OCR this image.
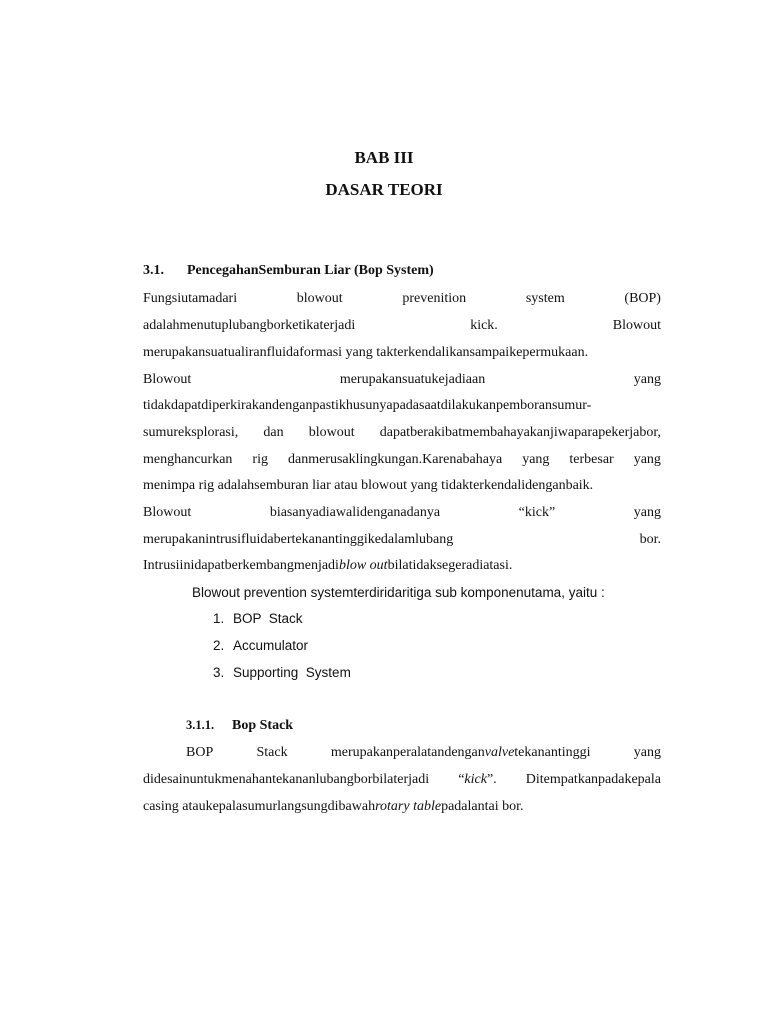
BAB III
DASAR TEORI
3.1. PencegahanSemburan Liar (Bop System)
Fungsiutamadari	blowout	prevenition	system	(BOP)
adalahmenutuplubangborketikaterjadi	kick.	Blowout
merupakansuatualiranfluidaformasi yang takterkendalikansampaikepermukaan.
Blowout	merupakansuatukejadiaan	yang
tidakdapatdiperkirakandenganpastikhusunyapadasaatdilakukanpemboransumur-
sumureksplorasi, dan blowout dapatberakibatmembahayakanjiwaparapekerjabor,
menghancurkan rig danmerusaklingkungan.Karenabahaya yang terbesar yang
menimpa rig adalahsemburan liar atau blowout yang tidakterkendalidenganbaik.
Blowout	biasanyadiawalidenganadanya	“kick”	yang
merupakanintrusifluidabertekanantinggikedalamlubang	bor.
Intrusiinidapatberkembangmenjadiblow outbilatidaksegeradiatasi.
Blowout prevention systemterdiridaritiga sub komponenutama, yaitu :
1. BOP  Stack
2. Accumulator
3. Supporting  System
3.1.1. Bop Stack
BOP	Stack	merupakanperalatandenganvalvetekanantinggi	yang
didesainuntukmenahantekananlubangborbilaterjadi “kick”. Ditempatkanpadakepala
casing ataukepalasumurlangsungdibawahrotary tablepadalantai bor.
